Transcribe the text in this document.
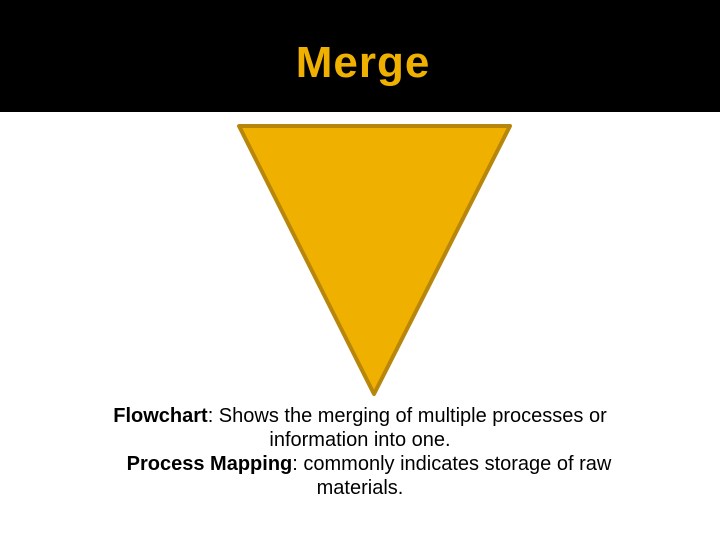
Merge
Flowchart: Shows the merging of multiple processes or
information into one.
Process Mapping: commonly indicates storage of raw
materials.
